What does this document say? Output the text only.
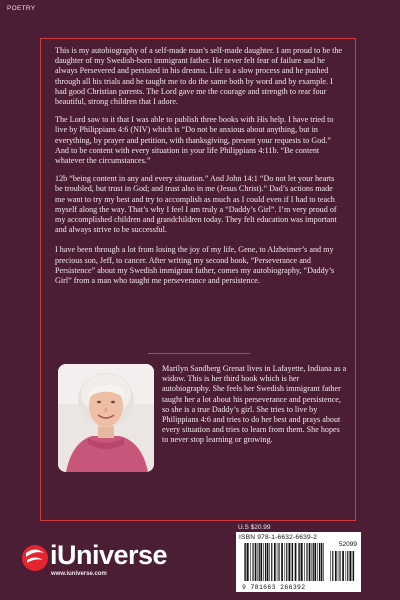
POETRY

This is my autobiography of a self-made man’s self-made daughter. I am proud to be the daughter of my Swedish-born immigrant father. He never felt fear of failure and he always Persevered and persisted in his dreams. Life is a slow process and he pushed through all his trials and he taught me to do the same both by word and by example. I had good Christian parents. The Lord gave me the courage and strength to rear four beautiful, strong children that I adore.

The Lord saw to it that I was able to publish three books with His help. I have tried to live by Philippians 4:6 (NIV) which is “Do not be anxious about anything, but in everything, by prayer and petition, with thanksgiving, present your requests to God.” And to be content with every situation in your life Philippians 4:11b. “Be content whatever the circumstances.”

12b “being content in any and every situation.” And John 14:1 “Do not let your hearts be troubled, but trust in God; and trust also in me (Jesus Christ).” Dad’s actions made me want to try my best and try to accomplish as much as I could even if I had to teach myself along the way. That’s why I feel I am truly a “Daddy’s Girl”. I’m very proud of my accomplished children and grandchildren today. They felt education was important and always strive to be successful.

I have been through a lot from losing the joy of my life, Gene, to Alzheimer’s and my precious son, Jeff, to cancer. After writing my second book, “Perseverance and Persistence” about my Swedish immigrant father, comes my autobiography, “Daddy’s Girl” from a man who taught me perseverance and persistence.

Marilyn Sandberg Grenat lives in Lafayette, Indiana as a widow. This is her third book which is her autobiography. She feels her Swedish immigrant father taught her a lot about his perseverance and persistence, so she is a true Daddy’s girl. She tries to live by Philippians 4:6 and tries to do her best and prays about every situation and tries to learn from them. She hopes to never stop learning or growing.
U.S $20.99
ISBN 978-1-6632-6639-2
52099
9 781663 266392
iUniverse
www.iuniverse.com
